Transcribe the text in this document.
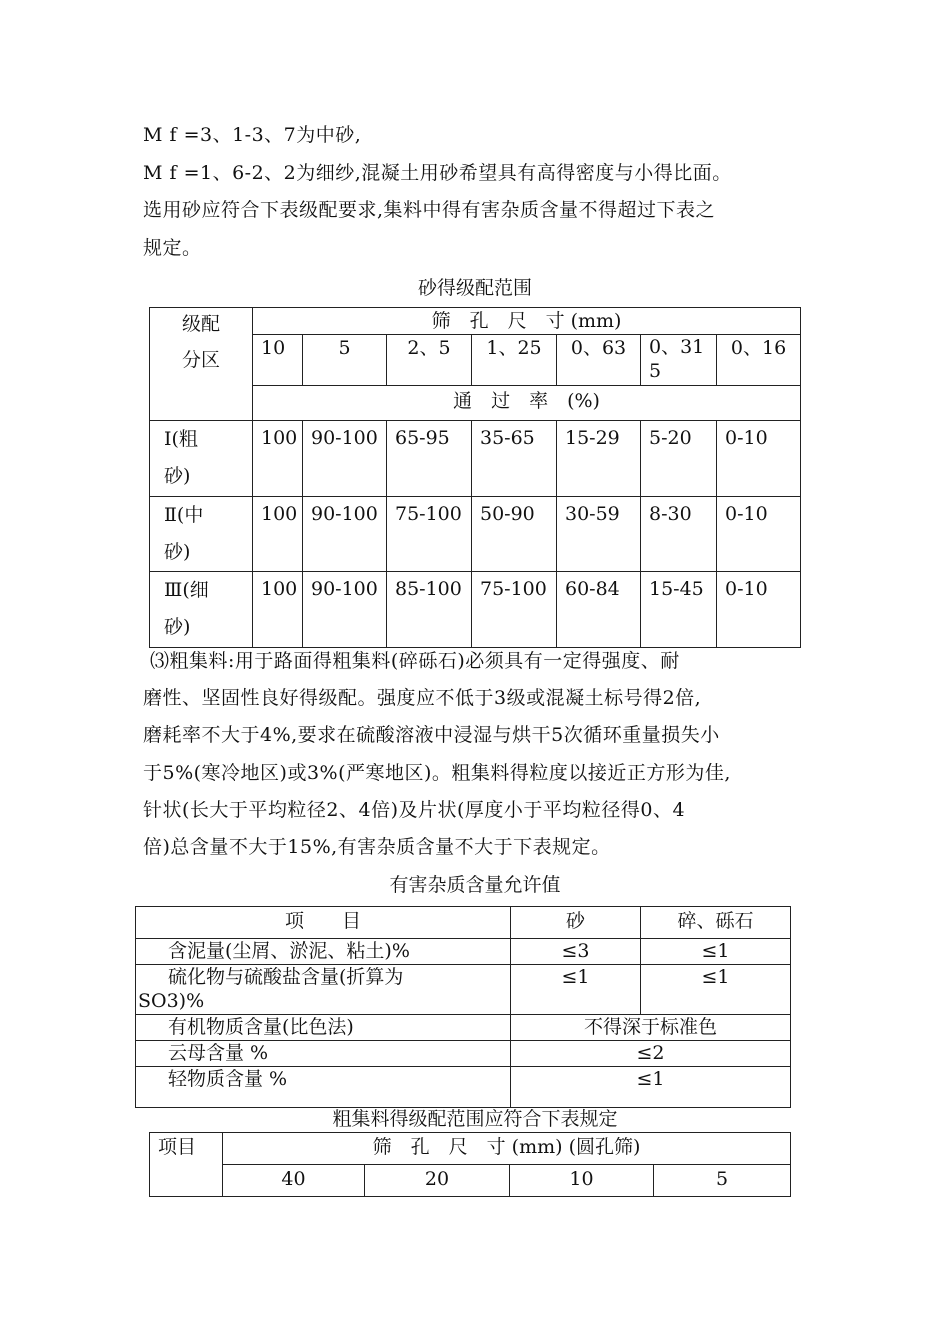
M f =3、1-3、7为中砂,
M f =1、6-2、2为细纱,混凝土用砂希望具有高得密度与小得比面。
选用砂应符合下表级配要求,集料中得有害杂质含量不得超过下表之
规定。
砂得级配范围
级配
分区	筛　孔　尺　寸 (mm)						
	10	5	2、5	1、25	0、63	0、31
5	0、16
	通　过　率　(%)						

Ⅰ(粗
砂)	100	90-100	65-95	35-65	15-29	5-20	0-10

Ⅱ(中
砂)	100	90-100	75-100	50-90	30-59	8-30	0-10

Ⅲ(细
砂)	100	90-100	85-100	75-100	60-84	15-45	0-10
⑶粗集料:用于路面得粗集料(碎砾石)必须具有一定得强度、耐
磨性、坚固性良好得级配。强度应不低于3级或混凝土标号得2倍,
磨耗率不大于4%,要求在硫酸溶液中浸湿与烘干5次循环重量损失小
于5%(寒冷地区)或3%(严寒地区)。粗集料得粒度以接近正方形为佳,
针状(长大于平均粒径2、4倍)及片状(厚度小于平均粒径得0、4
倍)总含量不大于15%,有害杂质含量不大于下表规定。
有害杂质含量允许值
项　　目	砂	碎、砾石
含泥量(尘屑、淤泥、粘土)%	≤3	≤1

硫化物与硫酸盐含量(折算为
SO3)%	≤1	≤1
有机物质含量(比色法)	不得深于标准色	
云母含量 %	≤2	
轻物质含量 %	≤1	
粗集料得级配范围应符合下表规定
项目	筛　孔　尺　寸 (mm) (圆孔筛)			
	40	20	10	5
